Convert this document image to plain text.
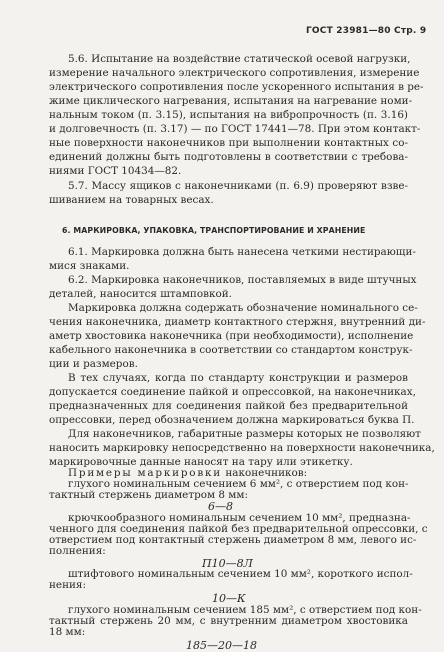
ГОСТ 23981—80 Стр. 9
5.6. Испытание на воздействие статической осевой нагрузки,
измерение начального электрического сопротивления, измерение
электрического сопротивления после ускоренного испытания в ре-
жиме циклического нагревания, испытания на нагревание номи-
нальным током (п. 3.15), испытания на вибропрочность (п. 3.16)
и долговечность (п. 3.17) — по ГОСТ 17441—78. При этом контакт-
ные поверхности наконечников при выполнении контактных со-
единений должны быть подготовлены в соответствии с требова-
ниями ГОСТ 10434—82.
5.7. Массу ящиков с наконечниками (п. 6.9) проверяют взве-
шиванием на товарных весах.
6. МАРКИРОВКА, УПАКОВКА, ТРАНСПОРТИРОВАНИЕ И ХРАНЕНИЕ
6.1. Маркировка должна быть нанесена четкими нестирающи-
мися знаками.
6.2. Маркировка наконечников, поставляемых в виде штучных
деталей, наносится штамповкой.
Маркировка должна содержать обозначение номинального се-
чения наконечника, диаметр контактного стержня, внутренний ди-
аметр хвостовика наконечника (при необходимости), исполнение
кабельного наконечника в соответствии со стандартом конструк-
ции и размеров.
В тех случаях, когда по стандарту конструкции и размеров
допускается соединение пайкой и опрессовкой, на наконечниках,
предназначенных для соединения пайкой без предварительной
опрессовки, перед обозначением должна маркироваться буква П.
Для наконечников, габаритные размеры которых не позволяют
наносить маркировку непосредственно на поверхности наконечника,
маркировочные данные наносят на тару или этикетку.
Примеры маркировки наконечников:
глухого номинальным сечением 6 мм², с отверстием под кон-
тактный стержень диаметром 8 мм:
6—8
крючкообразного номинальным сечением 10 мм², предназна-
ченного для соединения пайкой без предварительной опрессовки, с
отверстием под контактный стержень диаметром 8 мм, левого ис-
полнения:
П10—8Л
штифтового номинальным сечением 10 мм², короткого испол-
нения:
10—К
глухого номинальным сечением 185 мм², с отверстием под кон-
тактный стержень 20 мм, с внутренним диаметром хвостовика
18 мм:
185—20—18
